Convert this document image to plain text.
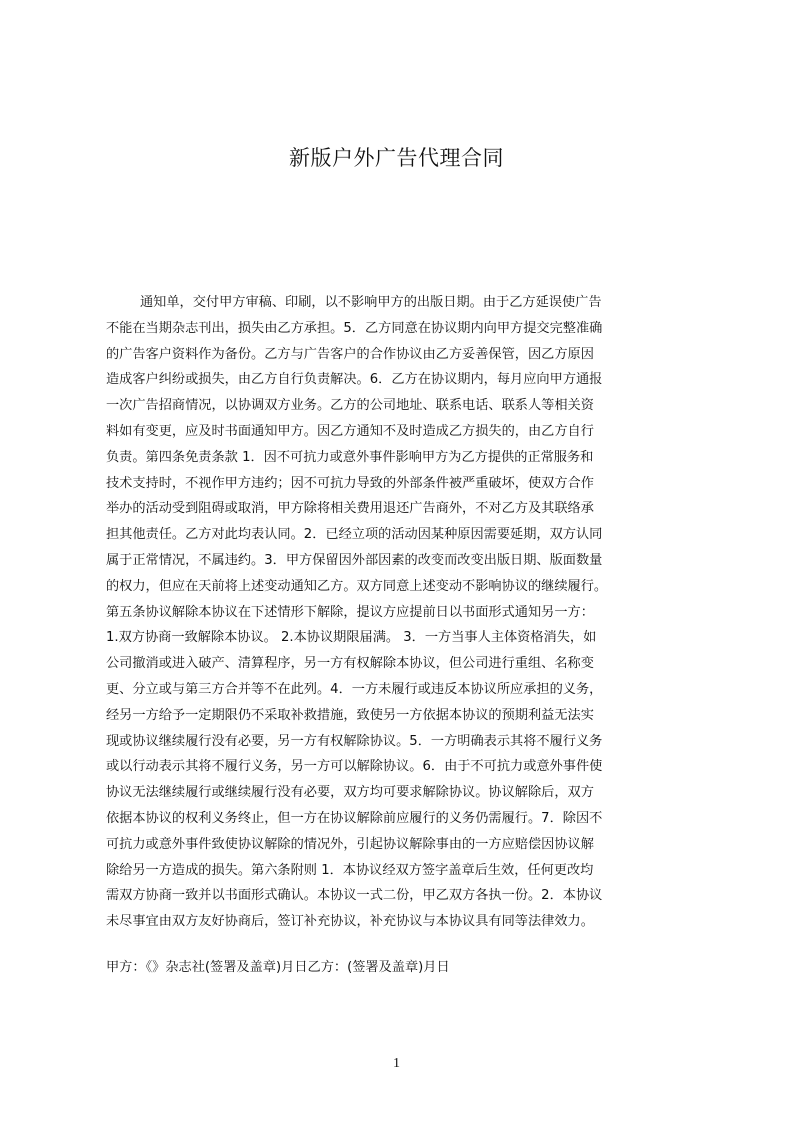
新版户外广告代理合同
通知单，交付甲方审稿、印刷，以不影响甲方的出版日期。由于乙方延误使广告
不能在当期杂志刊出，损失由乙方承担。5．乙方同意在协议期内向甲方提交完整准确
的广告客户资料作为备份。乙方与广告客户的合作协议由乙方妥善保管，因乙方原因
造成客户纠纷或损失，由乙方自行负责解决。6．乙方在协议期内，每月应向甲方通报
一次广告招商情况，以协调双方业务。乙方的公司地址、联系电话、联系人等相关资
料如有变更，应及时书面通知甲方。因乙方通知不及时造成乙方损失的，由乙方自行
负责。第四条免责条款 1．因不可抗力或意外事件影响甲方为乙方提供的正常服务和
技术支持时，不视作甲方违约；因不可抗力导致的外部条件被严重破坏，使双方合作
举办的活动受到阻碍或取消，甲方除将相关费用退还广告商外，不对乙方及其联络承
担其他责任。乙方对此均表认同。2．已经立项的活动因某种原因需要延期，双方认同
属于正常情况，不属违约。3．甲方保留因外部因素的改变而改变出版日期、版面数量
的权力，但应在天前将上述变动通知乙方。双方同意上述变动不影响协议的继续履行。
第五条协议解除本协议在下述情形下解除，提议方应提前日以书面形式通知另一方：
1.双方协商一致解除本协议。 2.本协议期限届满。 3．一方当事人主体资格消失，如
公司撤消或进入破产、清算程序，另一方有权解除本协议，但公司进行重组、名称变
更、分立或与第三方合并等不在此列。4．一方未履行或违反本协议所应承担的义务，
经另一方给予一定期限仍不采取补救措施，致使另一方依据本协议的预期利益无法实
现或协议继续履行没有必要，另一方有权解除协议。5．一方明确表示其将不履行义务
或以行动表示其将不履行义务，另一方可以解除协议。6．由于不可抗力或意外事件使
协议无法继续履行或继续履行没有必要，双方均可要求解除协议。协议解除后，双方
依据本协议的权利义务终止，但一方在协议解除前应履行的义务仍需履行。7．除因不
可抗力或意外事件致使协议解除的情况外，引起协议解除事由的一方应赔偿因协议解
除给另一方造成的损失。第六条附则 1．本协议经双方签字盖章后生效，任何更改均
需双方协商一致并以书面形式确认。本协议一式二份，甲乙双方各执一份。2．本协议
未尽事宜由双方友好协商后，签订补充协议，补充协议与本协议具有同等法律效力。
甲方：《》杂志社(签署及盖章)月日乙方：(签署及盖章)月日
1
